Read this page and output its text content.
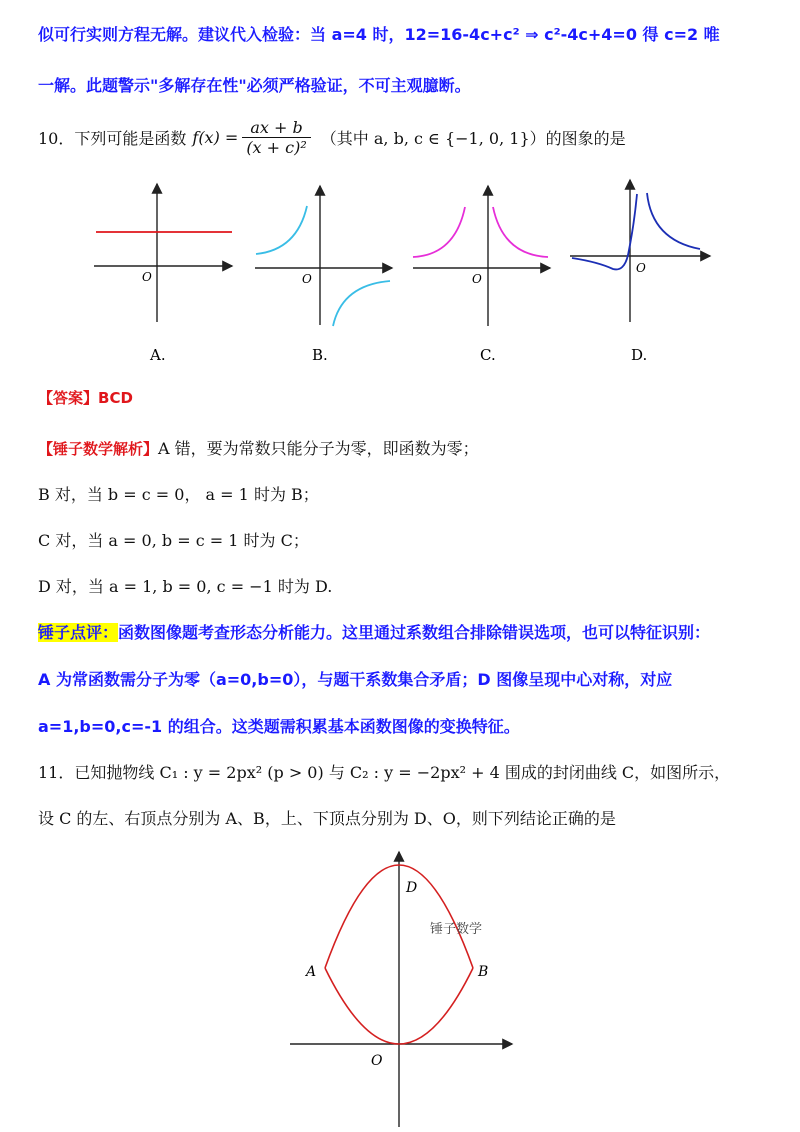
似可行实则方程无解。建议代入检验：当 a=4 时，12=16-4c+c² ⇒ c²-4c+4=0 得 c=2 唯
一解。此题警示"多解存在性"必须严格验证，不可主观臆断。
10． 下列可能是函数 $f(x) = \frac{ax + b}{\text{(x + c)²}}$ （其中 a, b, c ∈ {−1, 0, 1}） 的图象的是
O
A.
O
B.
O
C.
O
D.
【答案】BCD
【锤子数学解析】A 错，要为常数只能分子为零，即函数为零；
B 对，当 b = c = 0， a = 1 时为 B；
C 对，当 a = 0, b = c = 1 时为 C；
D 对，当 a = 1, b = 0, c = −1 时为 D.
锤子点评：函数图像题考查形态分析能力。这里通过系数组合排除错误选项，也可以特征识别：
A 为常函数需分子为零（a=0,b=0），与题干系数集合矛盾；D 图像呈现中心对称，对应
a=1,b=0,c=-1 的组合。这类题需积累基本函数图像的变换特征。
11．已知抛物线 C₁ : y = 2px² (p > 0) 与 C₂ : y = −2px² + 4 围成的封闭曲线 C，如图所示，
设 C 的左、右顶点分别为 A、B，上、下顶点分别为 D、O，则下列结论正确的是
D
A	B
O
锤子数学
